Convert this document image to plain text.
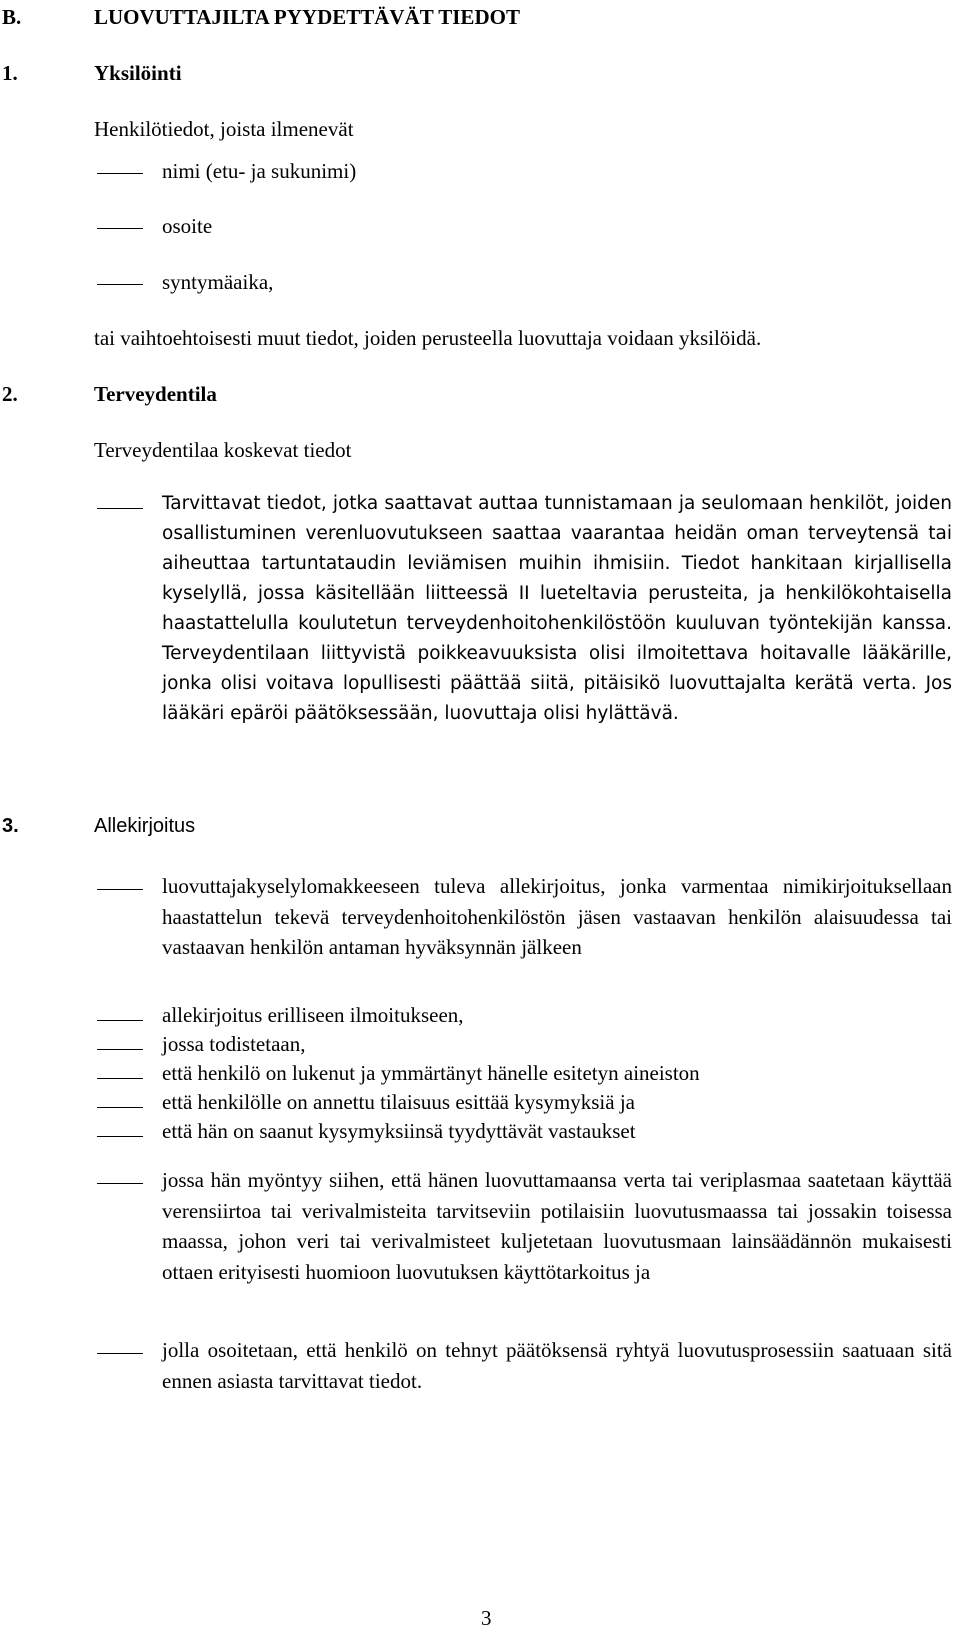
B.	LUOVUTTAJILTA PYYDETTÄVÄT TIEDOT
1.	Yksilöinti
Henkilötiedot, joista ilmenevät
nimi (etu- ja sukunimi)
osoite
syntymäaika,
tai vaihtoehtoisesti muut tiedot, joiden perusteella luovuttaja voidaan yksilöidä.
2.	Terveydentila
Terveydentilaa koskevat tiedot
Tarvittavat tiedot, jotka saattavat auttaa tunnistamaan ja seulomaan henkilöt, joiden osallistuminen verenluovutukseen saattaa vaarantaa heidän oman terveytensä tai aiheuttaa tartuntataudin leviämisen muihin ihmisiin. Tiedot hankitaan kirjallisella kyselyllä, jossa käsitellään liitteessä II lueteltavia perusteita, ja henkilökohtaisella haastattelulla koulutetun terveydenhoitohenkilöstöön kuuluvan työntekijän kanssa. Terveydentilaan liittyvistä poikkeavuuksista olisi ilmoitettava hoitavalle lääkärille, jonka olisi voitava lopullisesti päättää siitä, pitäisikö luovuttajalta kerätä verta. Jos lääkäri epäröi päätöksessään, luovuttaja olisi hylättävä.
3.	Allekirjoitus
luovuttajakyselylomakkeeseen tuleva allekirjoitus, jonka varmentaa nimikirjoituksellaan haastattelun tekevä terveydenhoitohenkilöstön jäsen vastaavan henkilön alaisuudessa tai vastaavan henkilön antaman hyväksynnän jälkeen
allekirjoitus erilliseen ilmoitukseen,
jossa todistetaan,
että henkilö on lukenut ja ymmärtänyt hänelle esitetyn aineiston
että henkilölle on annettu tilaisuus esittää kysymyksiä ja
että hän on saanut kysymyksiinsä tyydyttävät vastaukset
jossa hän myöntyy siihen, että hänen luovuttamaansa verta tai veriplasmaa saatetaan käyttää verensiirtoa tai verivalmisteita tarvitseviin potilaisiin luovutusmaassa tai jossakin toisessa maassa, johon veri tai verivalmisteet kuljetetaan luovutusmaan lainsäädännön mukaisesti ottaen erityisesti huomioon luovutuksen käyttötarkoitus ja
jolla osoitetaan, että henkilö on tehnyt päätöksensä ryhtyä luovutusprosessiin saatuaan sitä ennen asiasta tarvittavat tiedot.
3
